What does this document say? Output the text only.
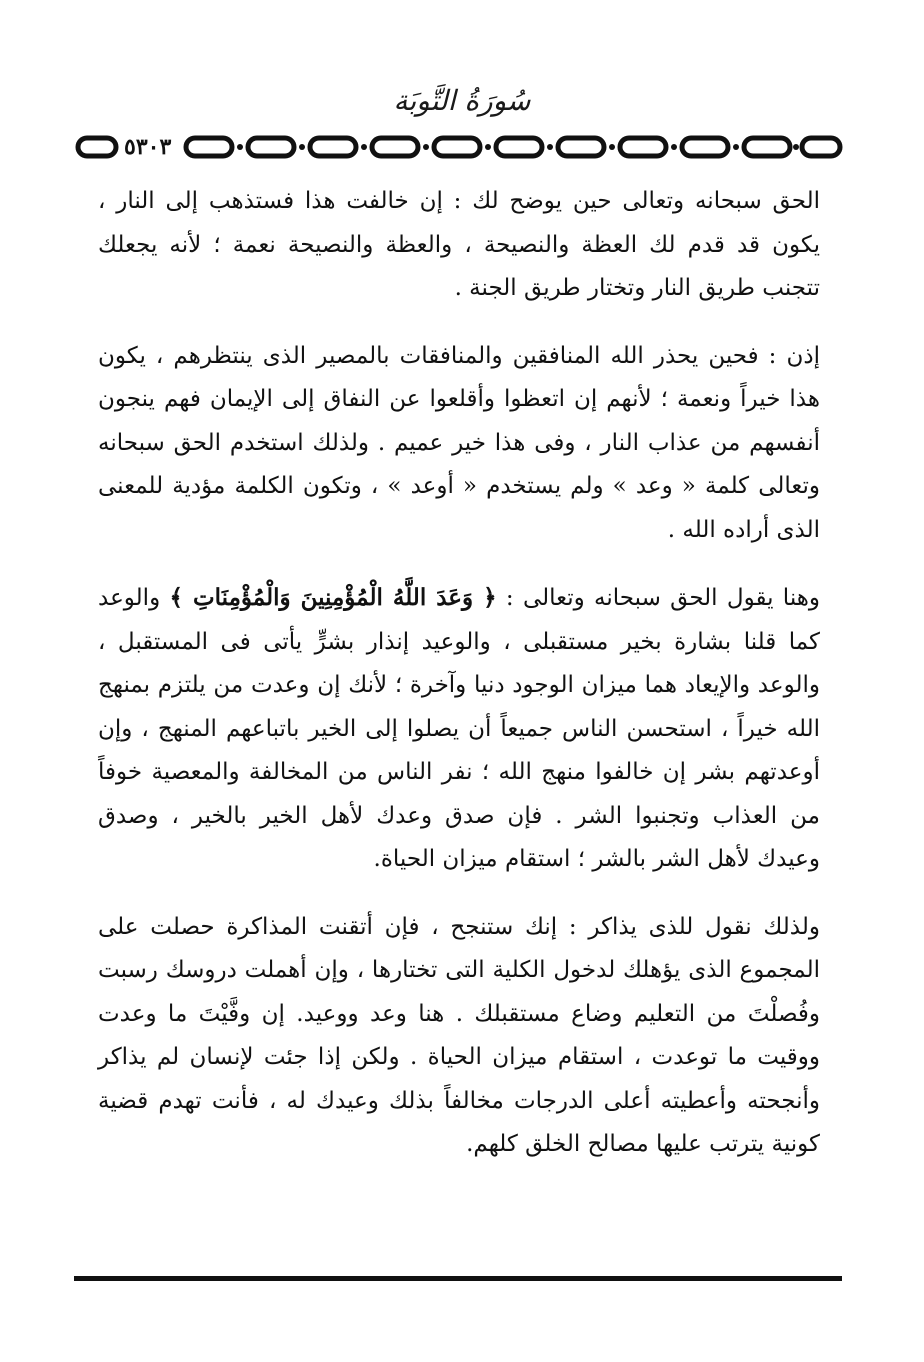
سُورَةُ التَّوبَة
٥٣٠٣

الحق سبحانه وتعالى حين يوضح لك : إن خالفت هذا فستذهب إلى النار ، يكون قد قدم لك العظة والنصيحة ، والعظة والنصيحة نعمة ؛ لأنه يجعلك تتجنب طريق النار وتختار طريق الجنة .

إذن : فحين يحذر الله المنافقين والمنافقات بالمصير الذى ينتظرهم ، يكون هذا خيراً ونعمة ؛ لأنهم إن اتعظوا وأقلعوا عن النفاق إلى الإيمان فهم ينجون أنفسهم من عذاب النار ، وفى هذا خير عميم . ولذلك استخدم الحق سبحانه وتعالى كلمة « وعد » ولم يستخدم « أوعد » ، وتكون الكلمة مؤدية للمعنى الذى أراده الله .

وهنا يقول الحق سبحانه وتعالى : ﴿ وَعَدَ اللَّهُ الْمُؤْمِنِينَ وَالْمُؤْمِنَاتِ ﴾ والوعد كما قلنا بشارة بخير مستقبلى ، والوعيد إنذار بشرٍّ يأتى فى المستقبل ، والوعد والإيعاد هما ميزان الوجود دنيا وآخرة ؛ لأنك إن وعدت من يلتزم بمنهج الله خيراً ، استحسن الناس جميعاً أن يصلوا إلى الخير باتباعهم المنهج ، وإن أوعدتهم بشر إن خالفوا منهج الله ؛ نفر الناس من المخالفة والمعصية خوفاً من العذاب وتجنبوا الشر . فإن صدق وعدك لأهل الخير بالخير ، وصدق وعيدك لأهل الشر بالشر ؛ استقام ميزان الحياة.

ولذلك نقول للذى يذاكر : إنك ستنجح ، فإن أتقنت المذاكرة حصلت على المجموع الذى يؤهلك لدخول الكلية التى تختارها ، وإن أهملت دروسك رسبت وفُصلْتَ من التعليم وضاع مستقبلك . هنا وعد ووعيد. إن وفَّيْتَ ما وعدت ووقيت ما توعدت ، استقام ميزان الحياة . ولكن إذا جئت لإنسان لم يذاكر وأنجحته وأعطيته أعلى الدرجات مخالفاً بذلك وعيدك له ، فأنت تهدم قضية كونية يترتب عليها مصالح الخلق كلهم.
